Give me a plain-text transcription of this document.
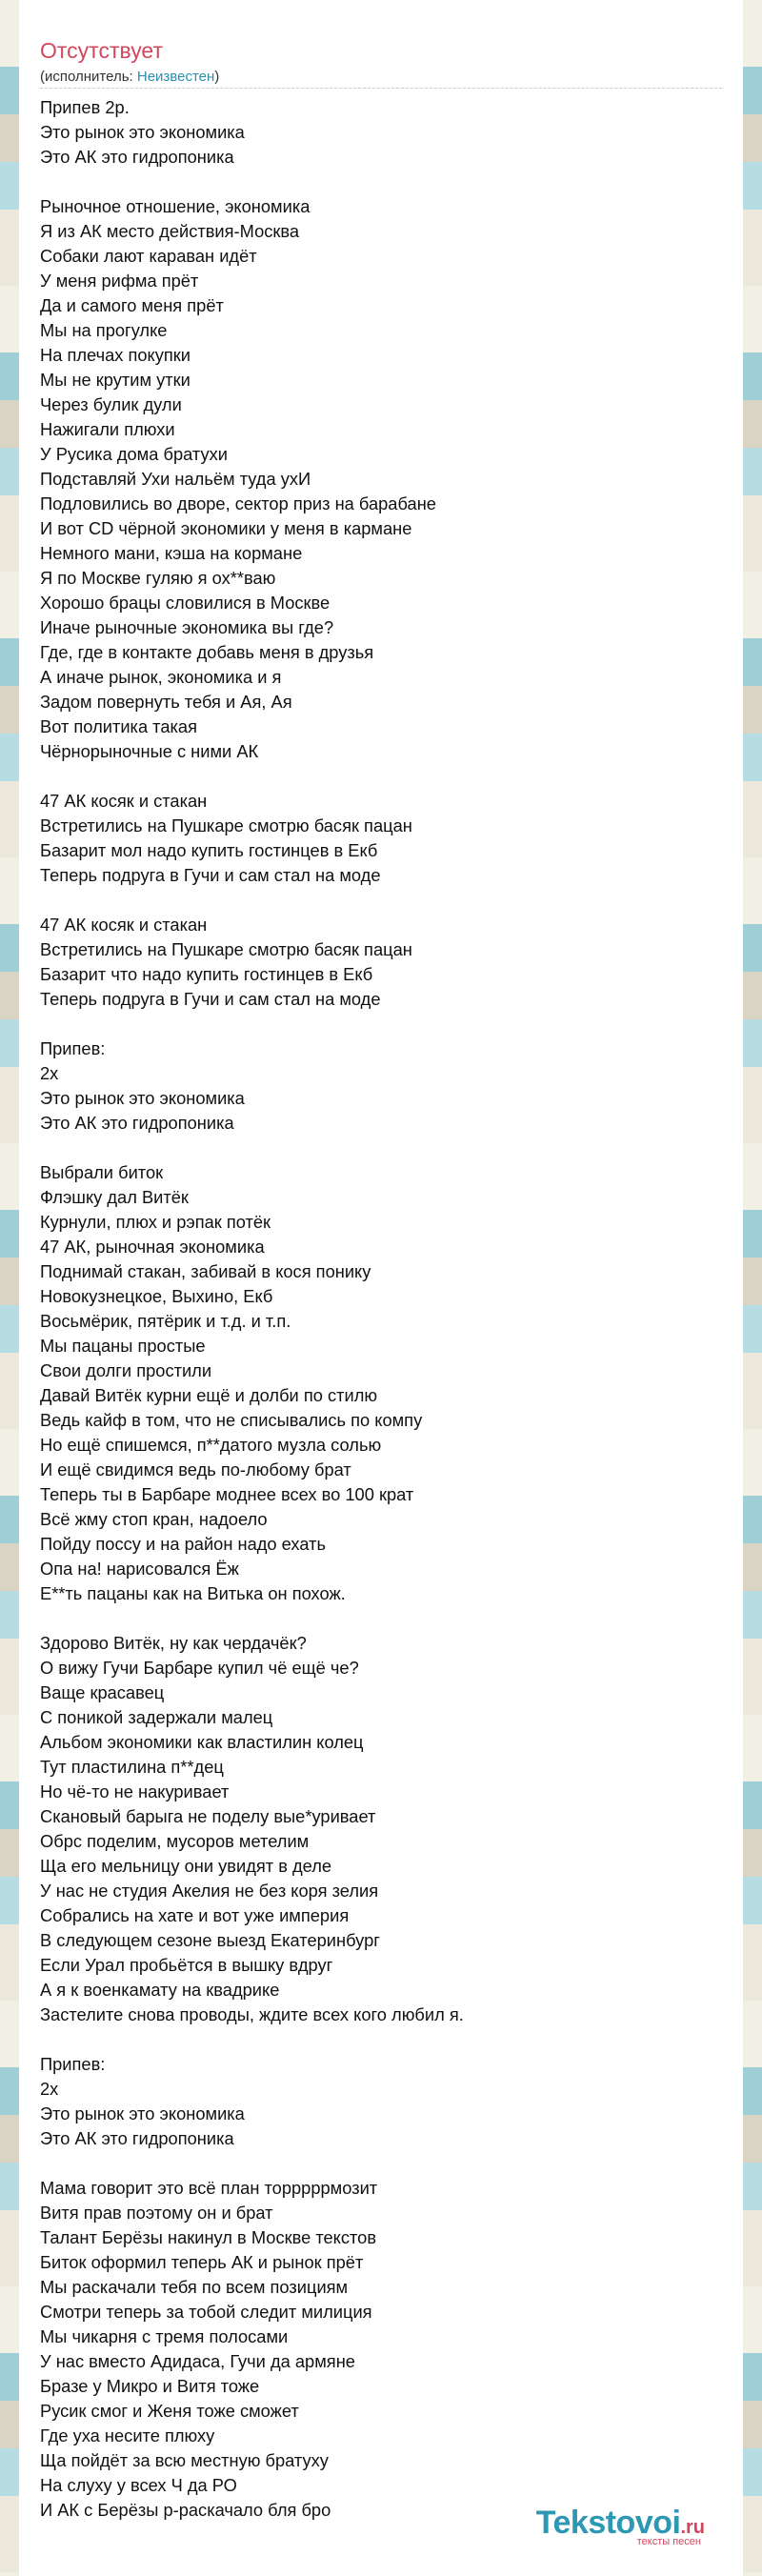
Отсутствует
(исполнитель: Неизвестен)
Припев 2р.
Это рынок это экономика
Это АК это гидропоника
Рыночное отношение, экономика
Я из АК место действия-Москва
Собаки лают караван идёт
У меня рифма прёт
Да и самого меня прёт
Мы на прогулке
На плечах покупки
Мы не крутим утки
Через булик дули
Нажигали плюхи
У Русика дома братухи
Подставляй Ухи нальём туда ухИ
Подловились во дворе, сектор приз на барабане
И вот CD чёрной экономики у меня в кармане
Немного мани, кэша на кормане
Я по Москве гуляю я ох**ваю
Хорошо брацы словилися в Москве
Иначе рыночные экономика вы где?
Где, где в контакте добавь меня в друзья
А иначе рынок, экономика и я
Задом повернуть тебя и Ая, Ая
Вот политика такая
Чёрнорыночные с ними АК
47 АК косяк и стакан
Встретились на Пушкаре смотрю басяк пацан
Базарит мол надо купить гостинцев в Екб
Теперь подруга в Гучи и сам стал на моде
47 АК косяк и стакан
Встретились на Пушкаре смотрю басяк пацан
Базарит что надо купить гостинцев в Екб
Теперь подруга в Гучи и сам стал на моде
Припев:
2х
Это рынок это экономика
Это АК это гидропоника
Выбрали биток
Флэшку дал Витёк
Курнули, плюх и рэпак потёк
47 АК, рыночная экономика
Поднимай стакан, забивай в кося понику
Новокузнецкое, Выхино, Екб
Восьмёрик, пятёрик и т.д. и т.п.
Мы пацаны простые
Свои долги простили
Давай Витёк курни ещё и долби по стилю
Ведь кайф в том, что не списывались по компу
Но ещё спишемся, п**датого музла солью
И ещё свидимся ведь по-любому брат
Теперь ты в Барбаре моднее всех во 100 крат
Всё жму стоп кран, надоело
Пойду поссу и на район надо ехать
Опа на! нарисовался Ёж
Е**ть пацаны как на Витька он похож.
Здорово Витёк, ну как чердачёк?
О вижу Гучи Барбаре купил чё ещё че?
Ваще красавец
С поникой задержали малец
Альбом экономики как властилин колец
Тут пластилина п**дец
Но чё-то не накуривает
Скановый барыга не поделу вые*уривает
Обрс поделим, мусоров метелим
Ща его мельницу они увидят в деле
У нас не студия Акелия не без коря зелия
Собрались на хате и вот уже империя
В следующем сезоне выезд Екатеринбург
Если Урал пробьётся в вышку вдруг
А я к военкамату на квадрике
Застелите снова проводы, ждите всех кого любил я.
Припев:
2х
Это рынок это экономика
Это АК это гидропоника
Мама говорит это всё план торррррмозит
Витя прав поэтому он и брат
Талант Берёзы накинул в Москве текстов
Биток оформил теперь АК и рынок прёт
Мы раскачали тебя по всем позициям
Смотри теперь за тобой следит милиция
Мы чикарня с тремя полосами
У нас вместо Адидаса, Гучи да армяне
Бразе у Микро и Витя тоже
Русик смог и Женя тоже сможет
Где уха несите плюху
Ща пойдёт за всю местную братуху
На слуху у всех Ч да РО
И АК с Берёзы р-раскачало бля бро	Tekstovoi.ru
тексты песен
